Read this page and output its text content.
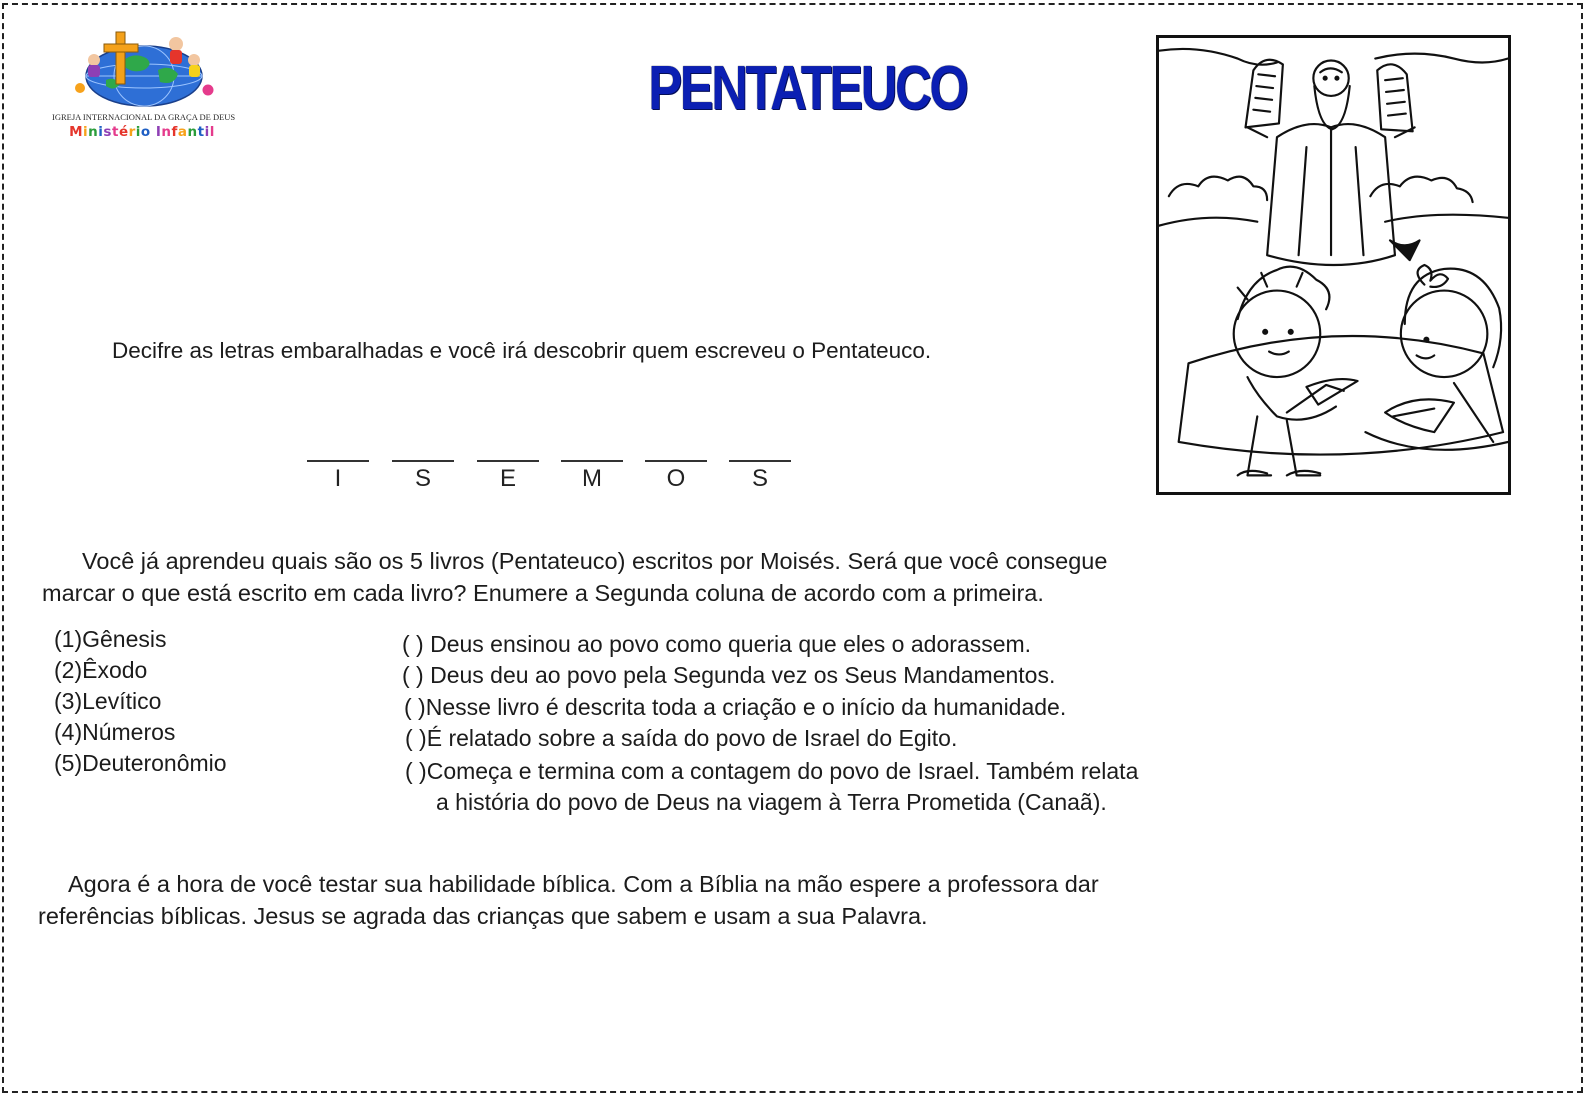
IGREJA INTERNACIONAL DA GRAÇA DE DEUS
Ministério Infantil
PENTATEUCO
Decifre as letras embaralhadas e você irá descobrir quem escreveu o Pentateuco.
I	S	E	M	O	S
Você já aprendeu quais são os 5 livros (Pentateuco) escritos por Moisés. Será que você consegue
marcar o que está escrito em cada livro? Enumere a Segunda coluna de acordo com a primeira.
(1)Gênesis
(2)Êxodo
(3)Levítico
(4)Números
(5)Deuteronômio
( ) Deus ensinou ao povo como queria que eles o adorassem.
( ) Deus deu ao povo pela Segunda vez os Seus Mandamentos.
( )Nesse livro é descrita toda a criação e o início da humanidade.
( )É relatado sobre a saída do povo de Israel do Egito.
( )Começa e termina com a contagem do povo de Israel. Também relata
a história do povo de Deus na viagem à Terra Prometida (Canaã).
Agora é a hora de você testar sua habilidade bíblica. Com a Bíblia na mão espere a professora dar
referências bíblicas. Jesus se agrada das crianças que sabem e usam a sua Palavra.
